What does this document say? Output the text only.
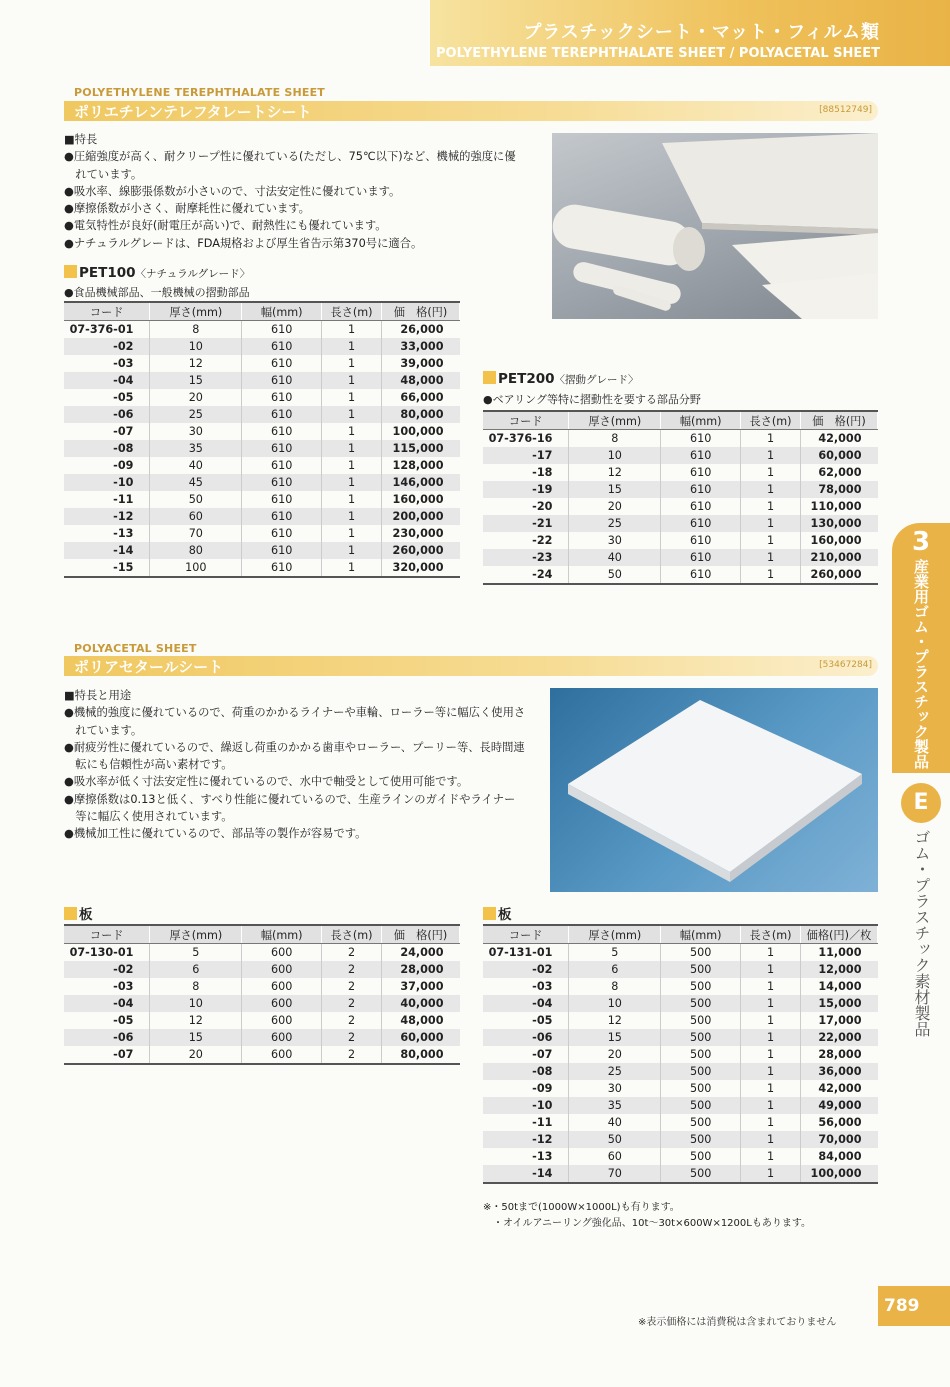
プラスチックシート・マット・フィルム類
POLYETHYLENE TEREPHTHALATE SHEET / POLYACETAL SHEET
POLYETHYLENE TEREPHTHALATE SHEET
ポリエチレンテレフタレートシート	[88512749]

■特長

●圧縮強度が高く、耐クリープ性に優れている(ただし、75℃以下)など、機械的強度に優

　れています。

●吸水率、線膨張係数が小さいので、寸法安定性に優れています。

●摩擦係数が小さく、耐摩耗性に優れています。

●電気特性が良好(耐電圧が高い)で、耐熱性にも優れています。

●ナチュラルグレードは、FDA規格および厚生省告示第370号に適合。

PET100〈ナチュラルグレード〉
●食品機械部品、一般機械の摺動部品
コード	厚さ(mm)	幅(mm)	長さ(m)	価　格(円)
07-376-01	8	610	1	26,000
-02	10	610	1	33,000
-03	12	610	1	39,000
-04	15	610	1	48,000
-05	20	610	1	66,000
-06	25	610	1	80,000
-07	30	610	1	100,000
-08	35	610	1	115,000
-09	40	610	1	128,000
-10	45	610	1	146,000
-11	50	610	1	160,000
-12	60	610	1	200,000
-13	70	610	1	230,000
-14	80	610	1	260,000
-15	100	610	1	320,000
PET200〈摺動グレード〉
●ベアリング等特に摺動性を要する部品分野
コード	厚さ(mm)	幅(mm)	長さ(m)	価　格(円)
07-376-16	8	610	1	42,000
-17	10	610	1	60,000
-18	12	610	1	62,000
-19	15	610	1	78,000
-20	20	610	1	110,000
-21	25	610	1	130,000
-22	30	610	1	160,000
-23	40	610	1	210,000
-24	50	610	1	260,000
POLYACETAL SHEET
ポリアセタールシート	[53467284]

■特長と用途

●機械的強度に優れているので、荷重のかかるライナーや車輪、ローラー等に幅広く使用さ

　れています。

●耐疲労性に優れているので、繰返し荷重のかかる歯車やローラー、プーリー等、長時間連

　転にも信頼性が高い素材です。

●吸水率が低く寸法安定性に優れているので、水中で軸受として使用可能です。

●摩擦係数は0.13と低く、すべり性能に優れているので、生産ラインのガイドやライナー

　等に幅広く使用されています。

●機械加工性に優れているので、部品等の製作が容易です。

板
コード	厚さ(mm)	幅(mm)	長さ(m)	価　格(円)
07-130-01	5	600	2	24,000
-02	6	600	2	28,000
-03	8	600	2	37,000
-04	10	600	2	40,000
-05	12	600	2	48,000
-06	15	600	2	60,000
-07	20	600	2	80,000
板
コード	厚さ(mm)	幅(mm)	長さ(m)	価格(円)／枚
07-131-01	5	500	1	11,000
-02	6	500	1	12,000
-03	8	500	1	14,000
-04	10	500	1	15,000
-05	12	500	1	17,000
-06	15	500	1	22,000
-07	20	500	1	28,000
-08	25	500	1	36,000
-09	30	500	1	42,000
-10	35	500	1	49,000
-11	40	500	1	56,000
-12	50	500	1	70,000
-13	60	500	1	84,000
-14	70	500	1	100,000
※・50tまで(1000W×1000L)も有ります。
　・オイルアニーリング強化品、10t〜30t×600W×1200Lもあります。
3
産業用ゴム・プラスチック製品
E
ゴム・プラスチック素材製品
789
※表示価格には消費税は含まれておりません
